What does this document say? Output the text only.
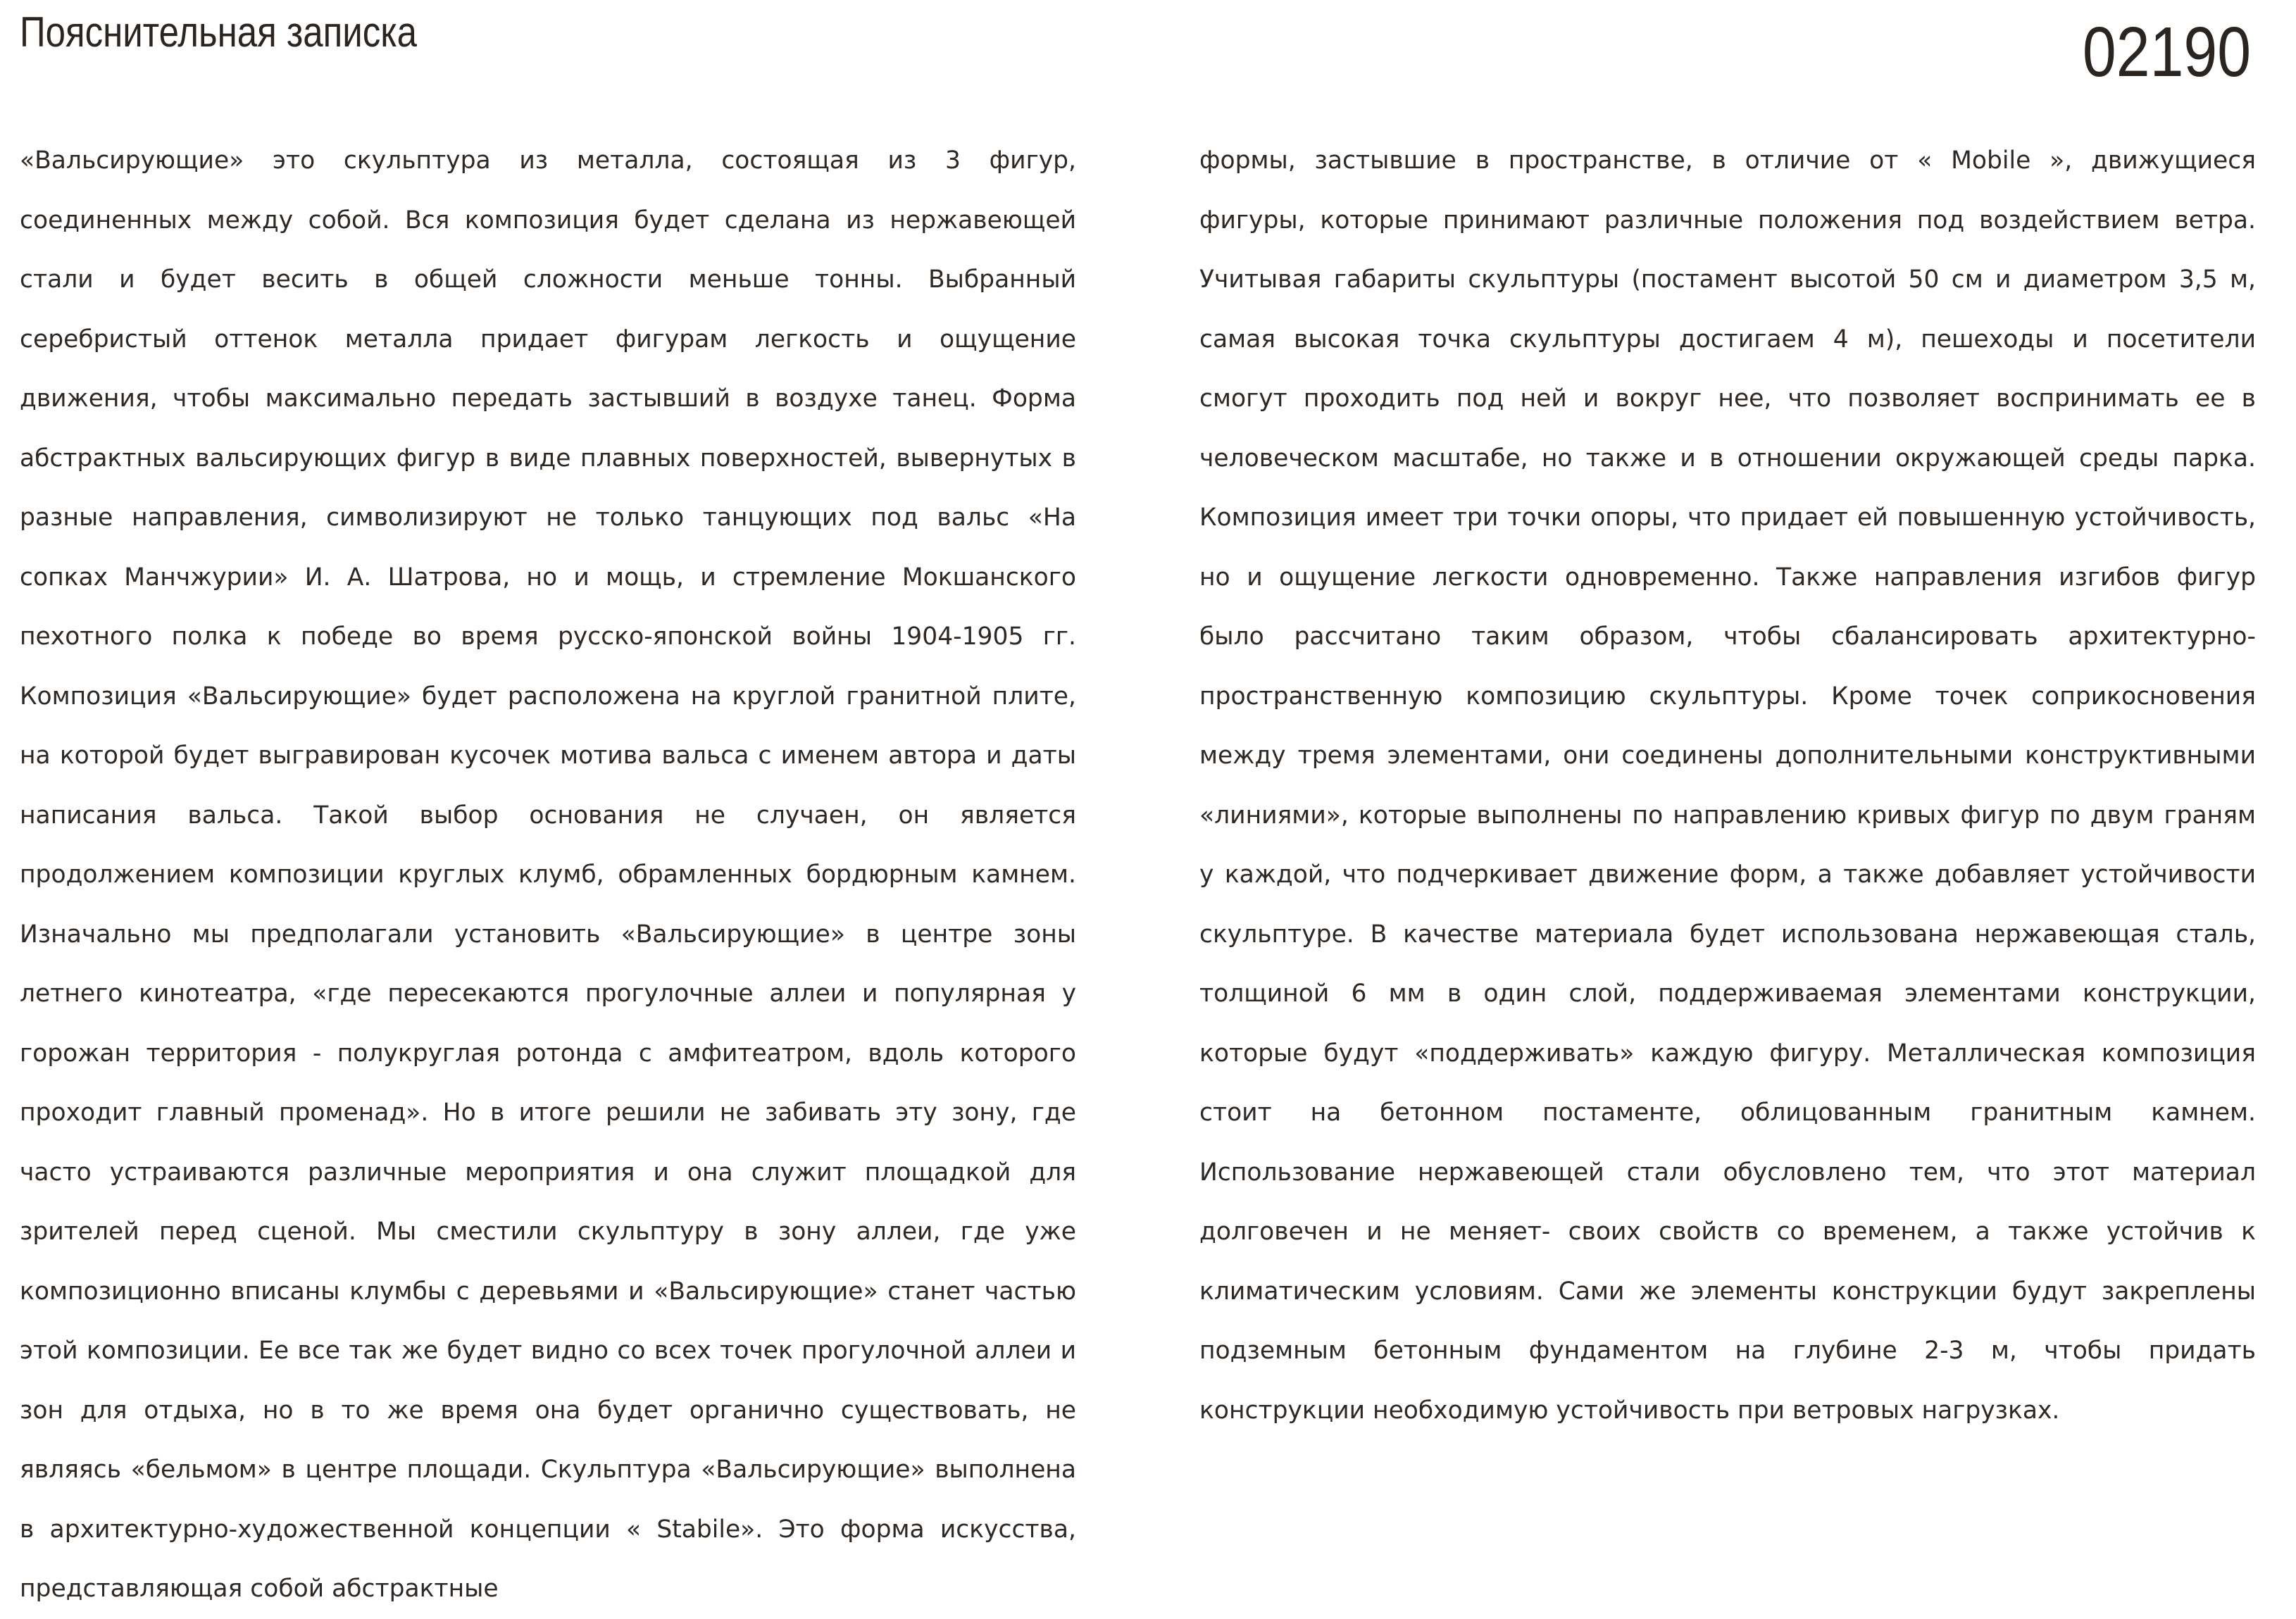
Пояснительная записка	02190

«Вальсирующие» это скульптура из металла, состоящая из 3 фигур, соединенных между собой. Вся композиция будет сделана из нержавеющей стали и будет весить в общей сложности меньше тонны. Выбранный серебристый оттенок металла придает фигурам легкость и ощущение движения, чтобы максимально передать застывший в воздухе танец. Форма абстрактных вальсирующих фигур в виде плавных поверхностей, вывернутых в разные направления, символизируют не только танцующих под вальс «На сопках Манчжурии» И. А. Шатрова, но и мощь, и стремление Мокшанского пехотного полка к победе во время русско-японской войны 1904-1905 гг. Композиция «Вальсирующие» будет расположена на круглой гранитной плите, на которой будет выгравирован кусочек мотива вальса с именем автора и даты написания вальса. Такой выбор основания не случаен, он является продолжением композиции круглых клумб, обрамленных бордюрным камнем. Изначально мы предполагали установить «Вальсирующие» в центре зоны летнего кинотеатра, «где пересекаются прогулочные аллеи и популярная у горожан территория - полукруглая ротонда с амфитеатром, вдоль которого проходит главный променад». Но в итоге решили не забивать эту зону, где часто устраиваются различные мероприятия и она служит площадкой для зрителей перед сценой. Мы сместили скульптуру в зону аллеи, где уже композиционно вписаны клумбы с деревьями и «Вальсирующие» станет частью этой композиции. Ее все так же будет видно со всех точек прогулочной аллеи и зон для отдыха, но в то же время она будет органично существовать, не являясь «бельмом» в центре площади. Скульптура «Вальсирующие» выполнена в архитектурно-художественной концепции « Stabile». Это форма искусства, представляющая собой абстрактные

формы, застывшие в пространстве, в отличие от « Mobile », движущиеся фигуры, которые принимают различные положения под воздействием ветра. Учитывая габариты скульптуры (постамент высотой 50 см и диаметром 3,5 м, самая высокая точка скульптуры достигаем 4 м), пешеходы и посетители смогут проходить под ней и вокруг нее, что позволяет воспринимать ее в человеческом масштабе, но также и в отношении окружающей среды парка. Композиция имеет три точки опоры, что придает ей повышенную устойчивость, но и ощущение легкости одновременно. Также направления изгибов фигур было рассчитано таким образом, чтобы сбалансировать архитектурно-пространственную композицию скульптуры. Кроме точек соприкосновения между тремя элементами, они соединены дополнительными конструктивными «линиями», которые выполнены по направлению кривых фигур по двум граням у каждой, что подчеркивает движение форм, а также добавляет устойчивости скульптуре. В качестве материала будет использована нержавеющая сталь, толщиной 6 мм в один слой, поддерживаемая элементами конструкции, которые будут «поддерживать» каждую фигуру. Металлическая композиция стоит на бетонном постаменте, облицованным гранитным камнем. Использование нержавеющей стали обусловлено тем, что этот материал долговечен и не меняет- своих свойств со временем, а также устойчив к климатическим условиям. Сами же элементы конструкции будут закреплены подземным бетонным фундаментом на глубине 2-3 м, чтобы придать конструкции необходимую устойчивость при ветровых нагрузках.
